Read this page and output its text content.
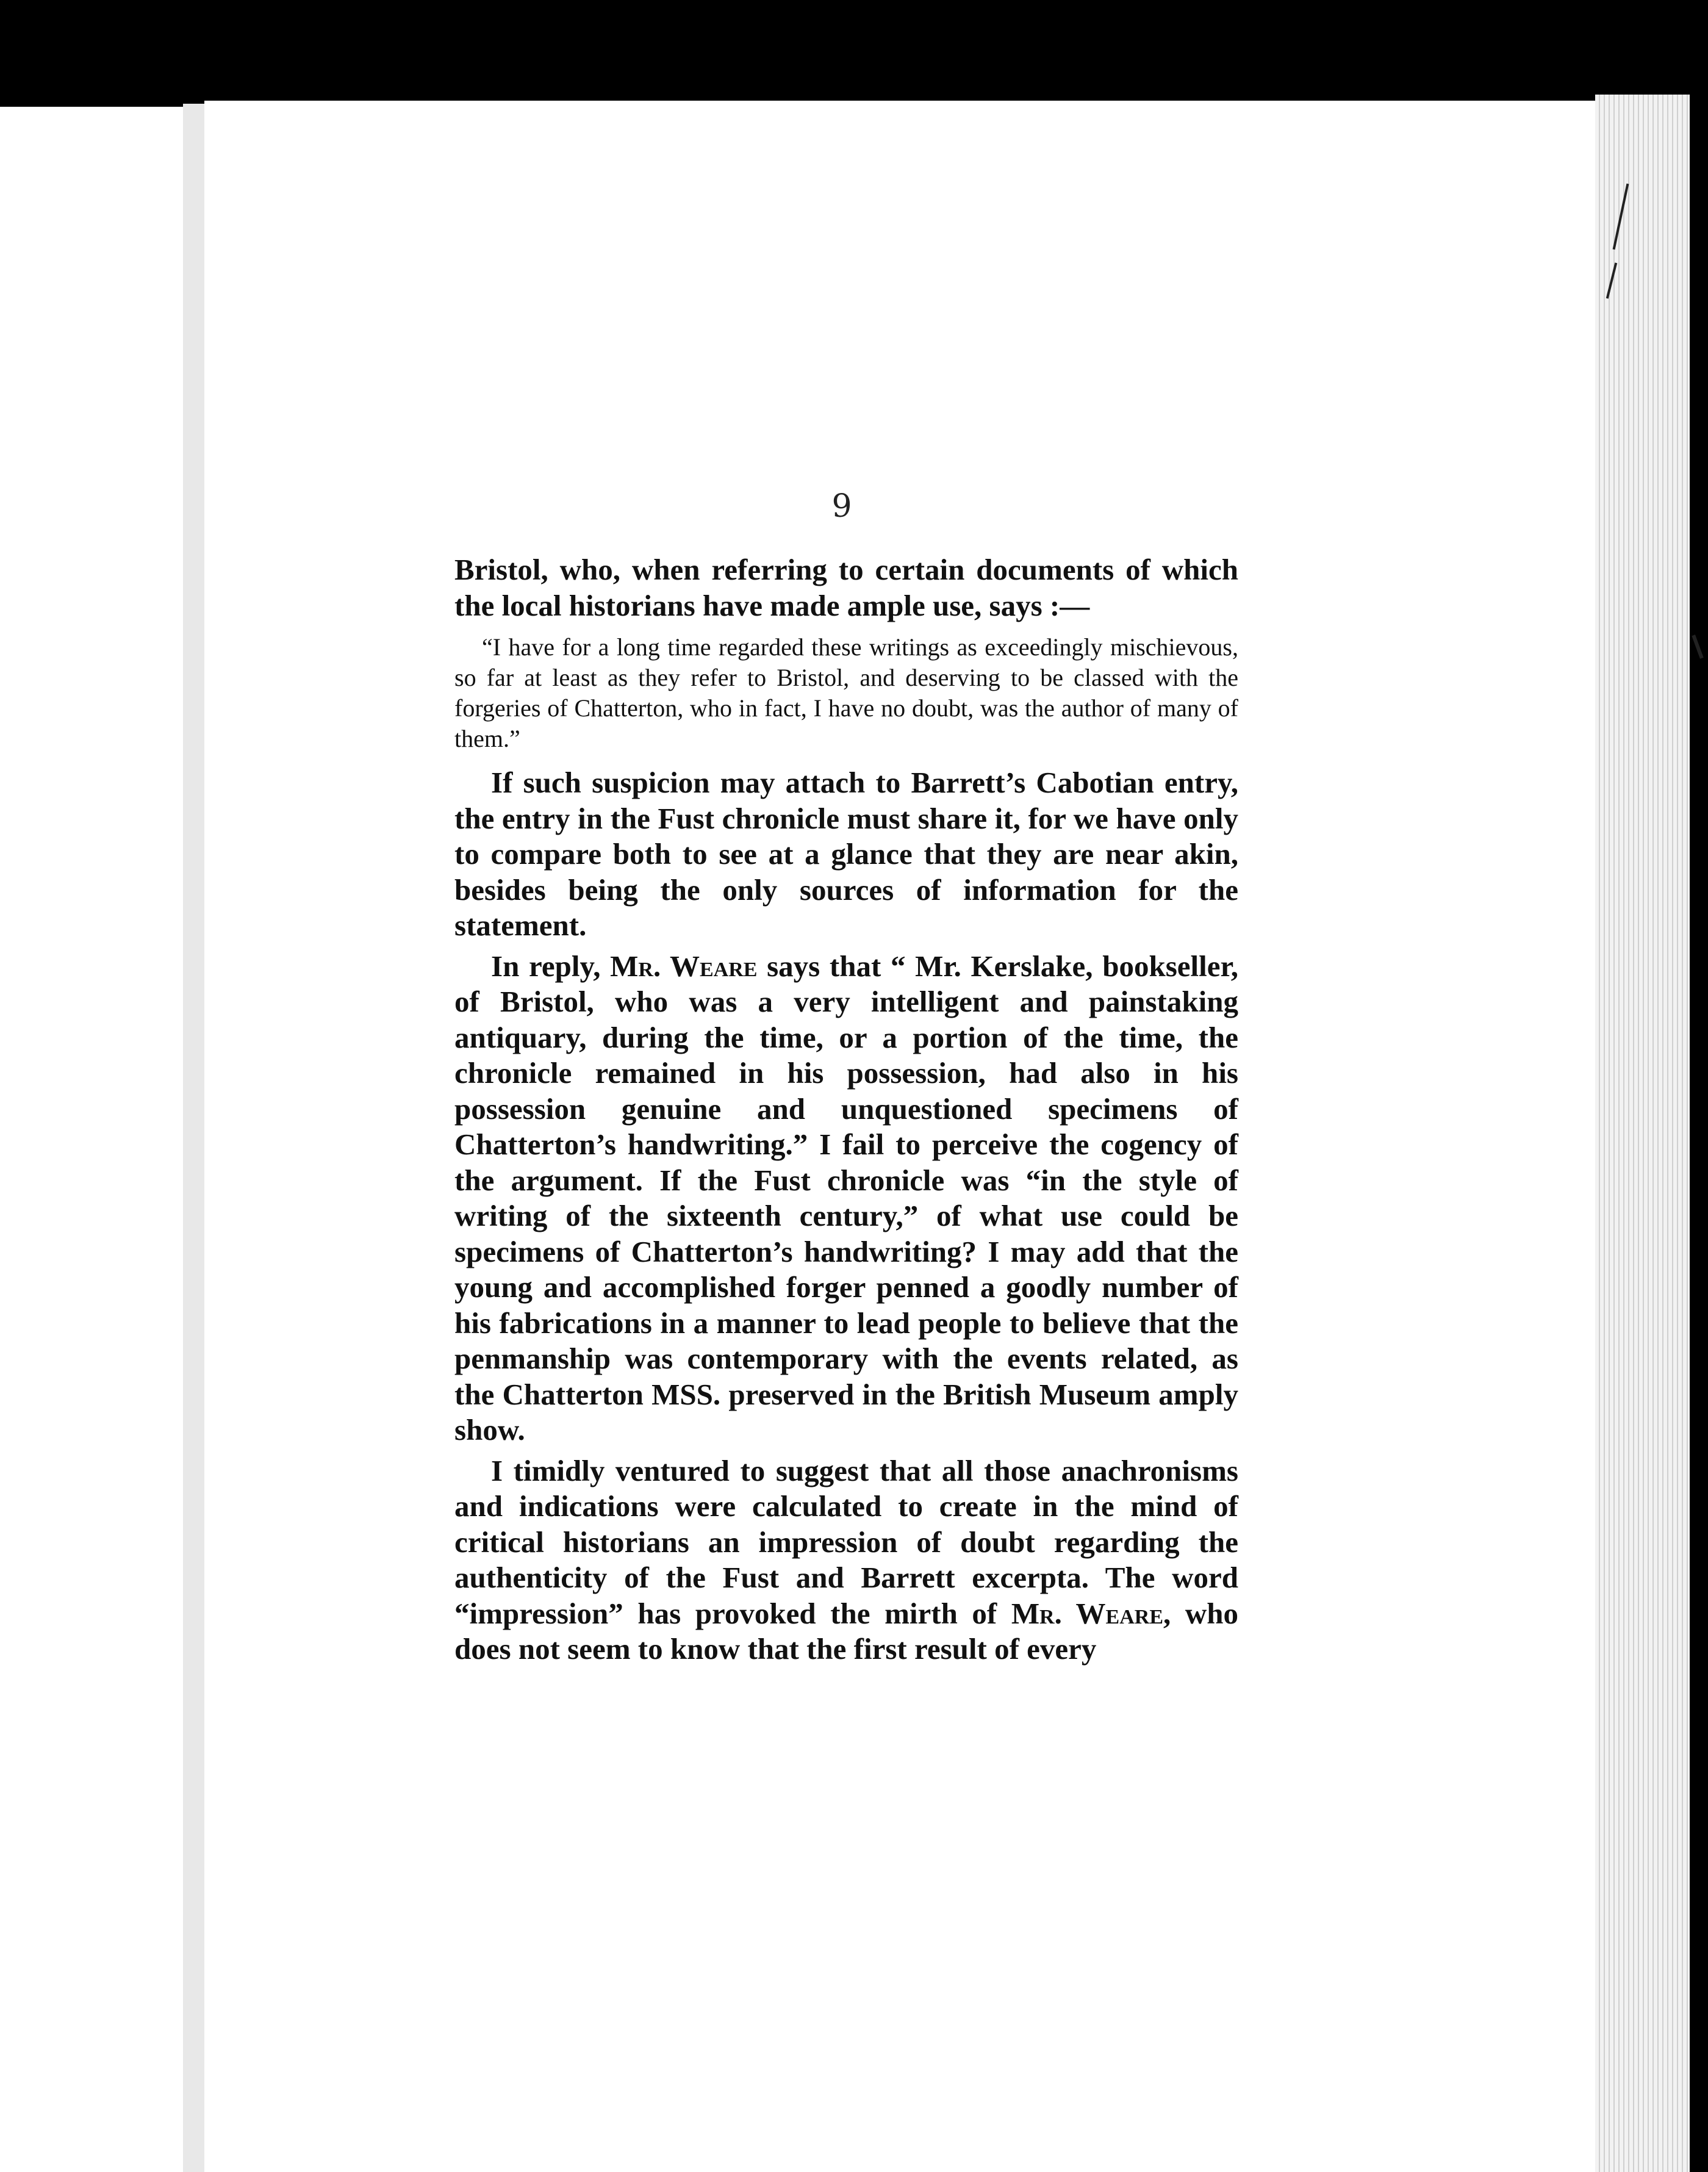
9

Bristol, who, when referring to certain documents of which the local historians have made ample use, says :—

“I have for a long time regarded these writings as exceedingly mischievous, so far at least as they refer to Bristol, and deserving to be classed with the forgeries of Chatterton, who in fact, I have no doubt, was the author of many of them.”

If such suspicion may attach to Barrett’s Cabotian entry, the entry in the Fust chronicle must share it, for we have only to compare both to see at a glance that they are near akin, besides being the only sources of information for the statement.

In reply, Mr. Weare says that “ Mr. Kerslake, bookseller, of Bristol, who was a very intelligent and painstaking antiquary, during the time, or a portion of the time, the chronicle remained in his possession, had also in his possession genuine and unquestioned specimens of Chatterton’s handwriting.” I fail to perceive the cogency of the argument. If the Fust chronicle was “in the style of writing of the sixteenth century,” of what use could be specimens of Chatterton’s handwriting? I may add that the young and accomplished forger penned a goodly number of his fabrications in a manner to lead people to believe that the penmanship was contemporary with the events related, as the Chatterton MSS. preserved in the British Museum amply show.

I timidly ventured to suggest that all those anachronisms and indications were calculated to create in the mind of critical historians an impression of doubt regarding the authenticity of the Fust and Barrett excerpta. The word “impression” has provoked the mirth of Mr. Weare, who does not seem to know that the first result of every
